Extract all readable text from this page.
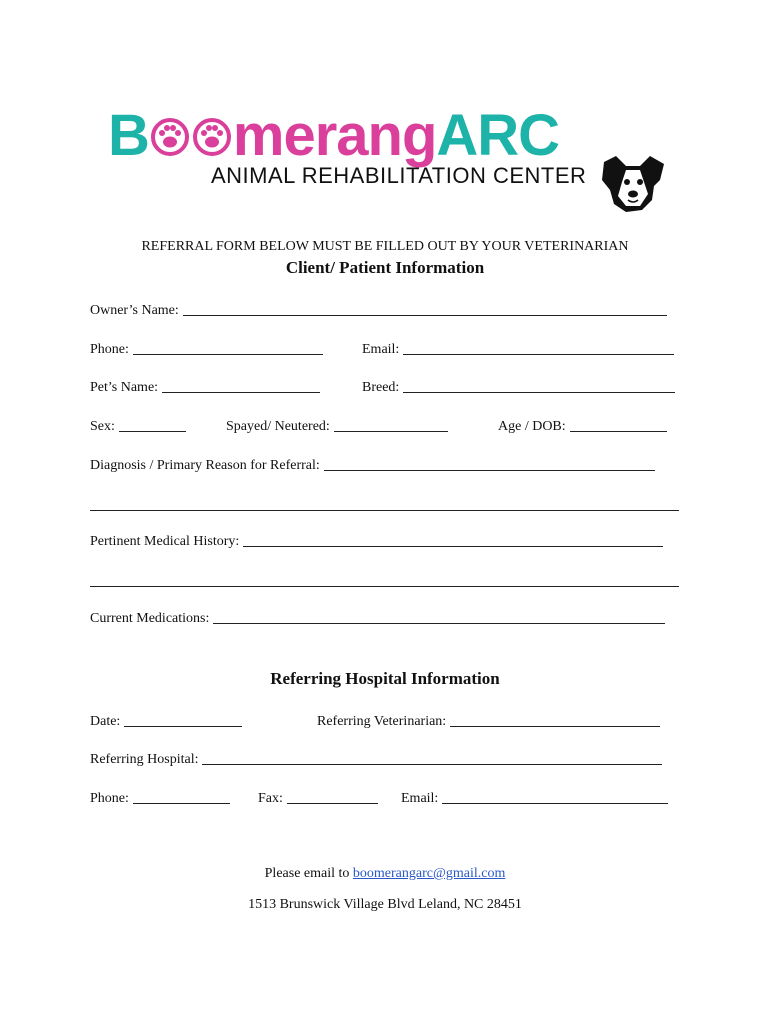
B merangARC
ANIMAL REHABILITATION CENTER
REFERRAL FORM BELOW MUST BE FILLED OUT BY YOUR VETERINARIAN
Client/ Patient Information
Owner’s Name:
Phone:	Email:
Pet’s Name:	Breed:
Sex:	Spayed/ Neutered:	Age / DOB:
Diagnosis / Primary Reason for Referral:
Pertinent Medical History:
Current Medications:
Referring Hospital Information
Date:	Referring Veterinarian:
Referring Hospital:
Phone:	Fax:	Email:
Please email to boomerangarc@gmail.com
1513 Brunswick Village Blvd Leland, NC 28451
